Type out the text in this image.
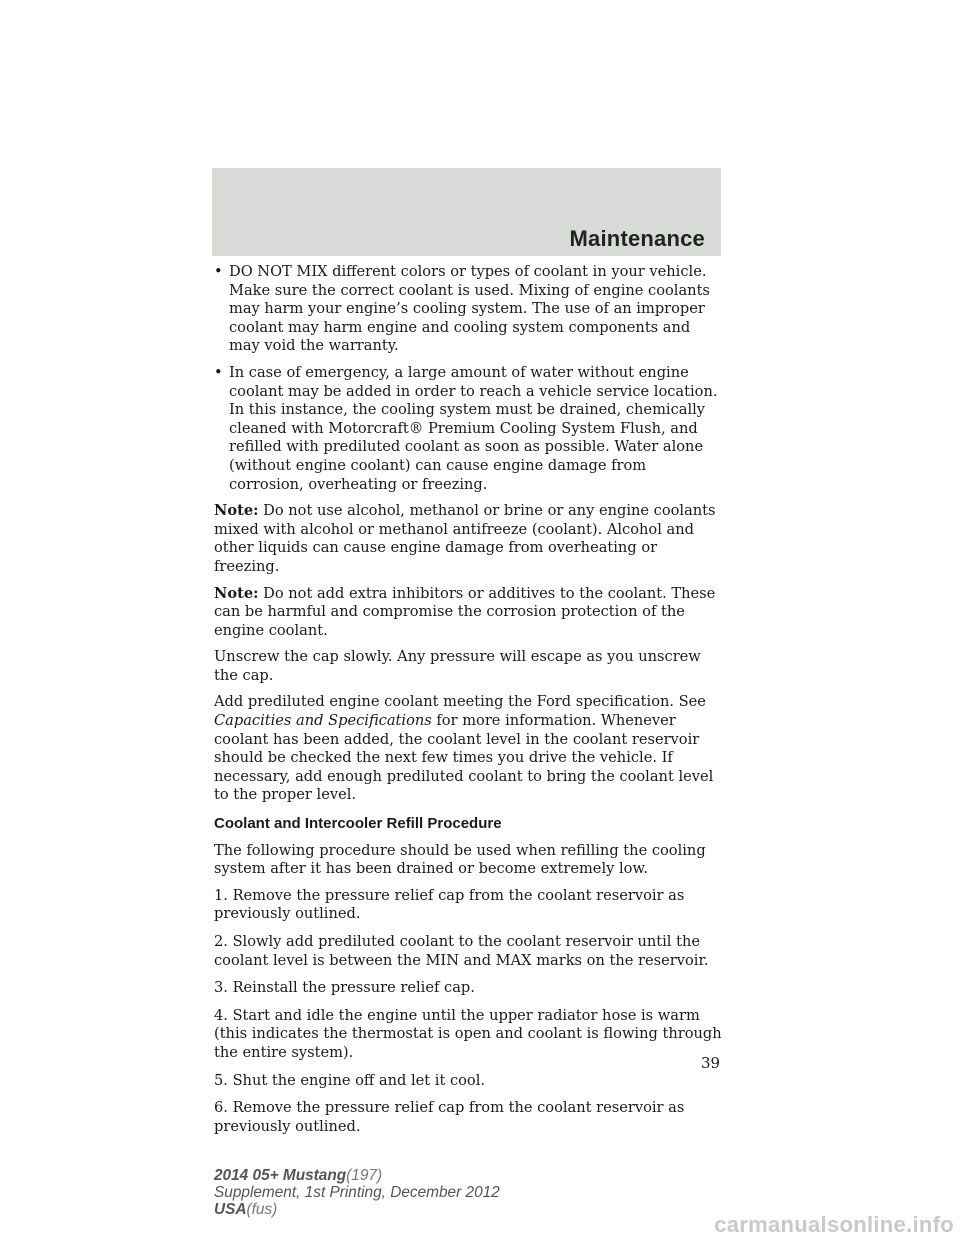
Maintenance
• DO NOT MIX different colors or types of coolant in your vehicle. Make sure the correct coolant is used. Mixing of engine coolants may harm your engine’s cooling system. The use of an improper coolant may harm engine and cooling system components and may void the warranty.
• In case of emergency, a large amount of water without engine coolant may be added in order to reach a vehicle service location. In this instance, the cooling system must be drained, chemically cleaned with Motorcraft® Premium Cooling System Flush, and refilled with prediluted coolant as soon as possible. Water alone (without engine coolant) can cause engine damage from corrosion, overheating or freezing.

Note: Do not use alcohol, methanol or brine or any engine coolants mixed with alcohol or methanol antifreeze (coolant). Alcohol and other liquids can cause engine damage from overheating or freezing.

Note: Do not add extra inhibitors or additives to the coolant. These can be harmful and compromise the corrosion protection of the engine coolant.

Unscrew the cap slowly. Any pressure will escape as you unscrew the cap.

Add prediluted engine coolant meeting the Ford specification. See Capacities and Specifications for more information. Whenever coolant has been added, the coolant level in the coolant reservoir should be checked the next few times you drive the vehicle. If necessary, add enough prediluted coolant to bring the coolant level to the proper level.

Coolant and Intercooler Refill Procedure

The following procedure should be used when refilling the cooling system after it has been drained or become extremely low.

1. Remove the pressure relief cap from the coolant reservoir as previously outlined.

2. Slowly add prediluted coolant to the coolant reservoir until the coolant level is between the MIN and MAX marks on the reservoir.

3. Reinstall the pressure relief cap.

4. Start and idle the engine until the upper radiator hose is warm (this indicates the thermostat is open and coolant is flowing through the entire system).

5. Shut the engine off and let it cool.

6. Remove the pressure relief cap from the coolant reservoir as previously outlined.

39
2014 05+ Mustang(197)
Supplement, 1st Printing, December 2012
USA(fus)
carmanualsonline.info
